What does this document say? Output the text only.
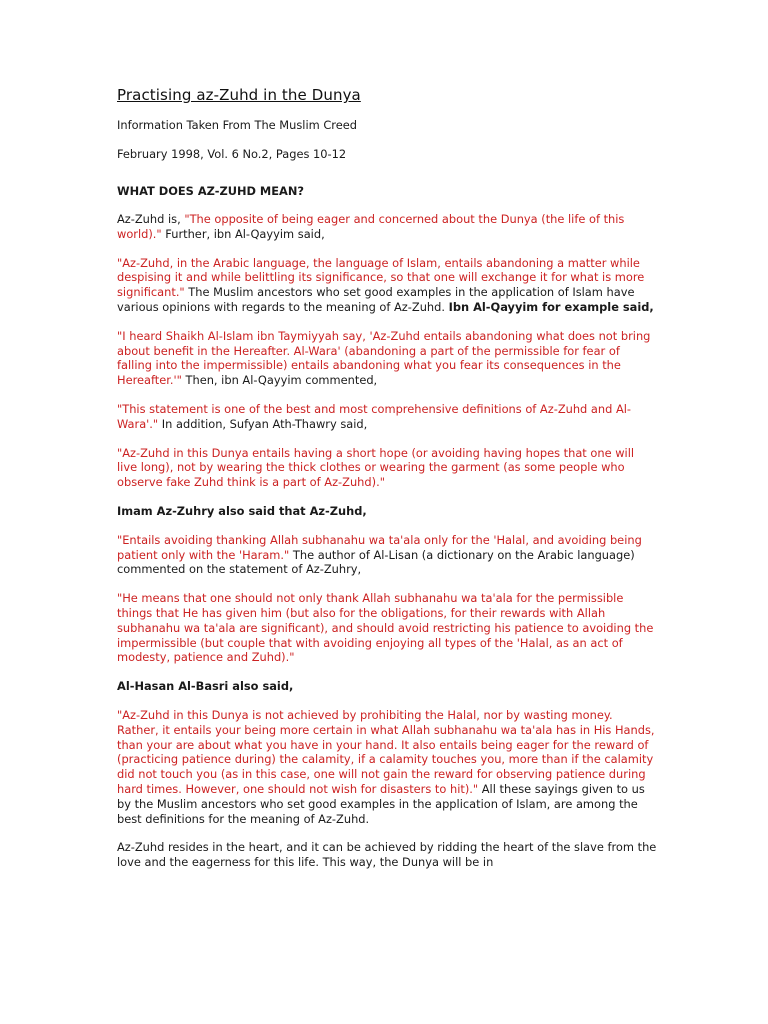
Practising az-Zuhd in the Dunya
Information Taken From The Muslim Creed
February 1998, Vol. 6 No.2, Pages 10-12
WHAT DOES AZ-ZUHD MEAN?

Az-Zuhd is, "The opposite of being eager and concerned about the Dunya (the life of this world)." Further, ibn Al-Qayyim said,

"Az-Zuhd, in the Arabic language, the language of Islam, entails abandoning a matter while despising it and while belittling its significance, so that one will exchange it for what is more significant." The Muslim ancestors who set good examples in the application of Islam have various opinions with regards to the meaning of Az-Zuhd. Ibn Al-Qayyim for example said,

"I heard Shaikh Al-Islam ibn Taymiyyah say, 'Az-Zuhd entails abandoning what does not bring about benefit in the Hereafter. Al-Wara' (abandoning a part of the permissible for fear of falling into the impermissible) entails abandoning what you fear its consequences in the Hereafter.'" Then, ibn Al-Qayyim commented,

"This statement is one of the best and most comprehensive definitions of Az-Zuhd and Al-Wara'." In addition, Sufyan Ath-Thawry said,

"Az-Zuhd in this Dunya entails having a short hope (or avoiding having hopes that one will live long), not by wearing the thick clothes or wearing the garment (as some people who observe fake Zuhd think is a part of Az-Zuhd)."

Imam Az-Zuhry also said that Az-Zuhd,

"Entails avoiding thanking Allah subhanahu wa ta'ala only for the 'Halal, and avoiding being patient only with the 'Haram." The author of Al-Lisan (a dictionary on the Arabic language) commented on the statement of Az-Zuhry,

"He means that one should not only thank Allah subhanahu wa ta'ala for the permissible things that He has given him (but also for the obligations, for their rewards with Allah subhanahu wa ta'ala are significant), and should avoid restricting his patience to avoiding the impermissible (but couple that with avoiding enjoying all types of the 'Halal, as an act of modesty, patience and Zuhd)."

Al-Hasan Al-Basri also said,

"Az-Zuhd in this Dunya is not achieved by prohibiting the Halal, nor by wasting money. Rather, it entails your being more certain in what Allah subhanahu wa ta'ala has in His Hands, than your are about what you have in your hand. It also entails being eager for the reward of (practicing patience during) the calamity, if a calamity touches you, more than if the calamity did not touch you (as in this case, one will not gain the reward for observing patience during hard times. However, one should not wish for disasters to hit)." All these sayings given to us by the Muslim ancestors who set good examples in the application of Islam, are among the best definitions for the meaning of Az-Zuhd.

Az-Zuhd resides in the heart, and it can be achieved by ridding the heart of the slave from the love and the eagerness for this life. This way, the Dunya will be in
